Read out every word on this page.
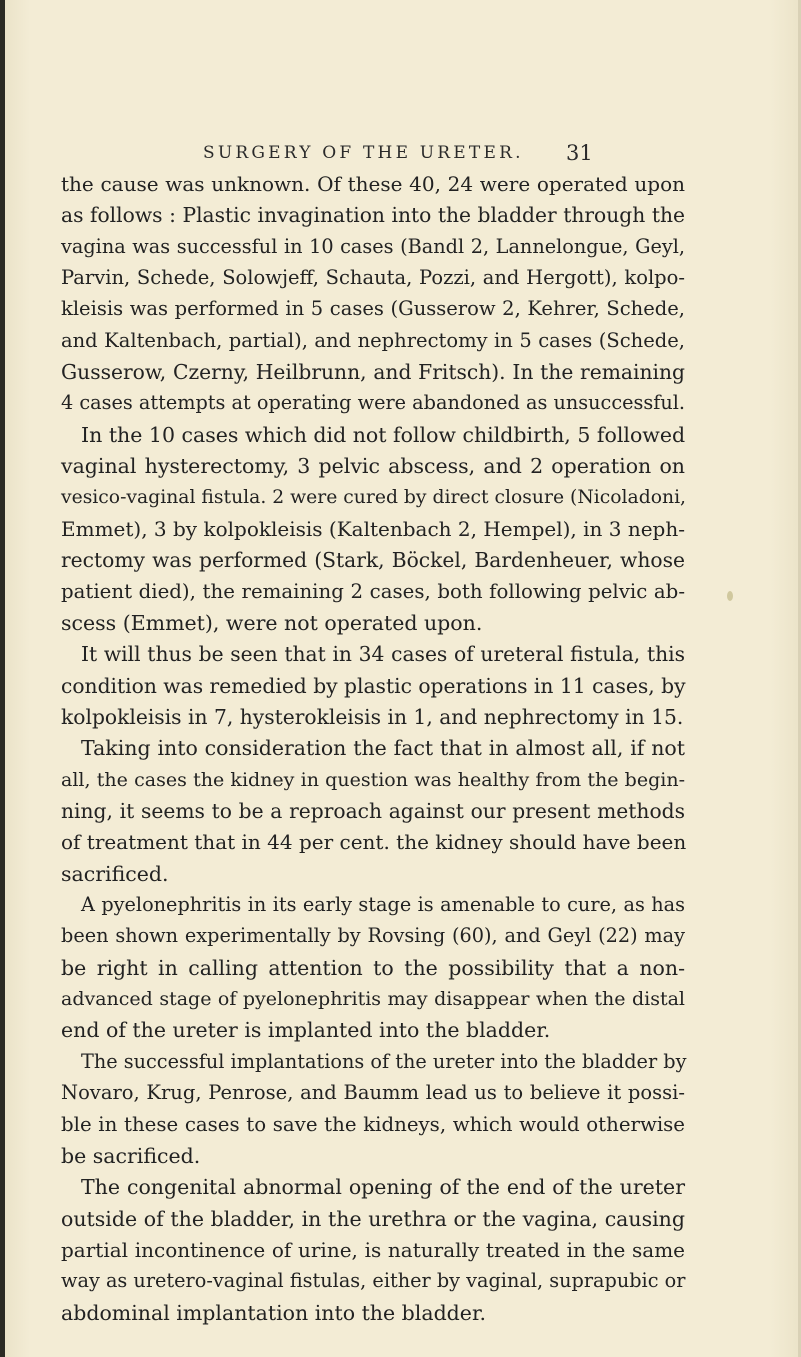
SURGERY OF THE URETER. 31
the cause was unknown. Of these 40, 24 were operated upon
as follows : Plastic invagination into the bladder through the
vagina was successful in 10 cases (Bandl 2, Lannelongue, Geyl,
Parvin, Schede, Solowjeff, Schauta, Pozzi, and Hergott), kolpo-
kleisis was performed in 5 cases (Gusserow 2, Kehrer, Schede,
and Kaltenbach, partial), and nephrectomy in 5 cases (Schede,
Gusserow, Czerny, Heilbrunn, and Fritsch). In the remaining
4 cases attempts at operating were abandoned as unsuccessful.
In the 10 cases which did not follow childbirth, 5 followed
vaginal hysterectomy, 3 pelvic abscess, and 2 operation on
vesico-vaginal fistula. 2 were cured by direct closure (Nicoladoni,
Emmet), 3 by kolpokleisis (Kaltenbach 2, Hempel), in 3 neph-
rectomy was performed (Stark, Böckel, Bardenheuer, whose
patient died), the remaining 2 cases, both following pelvic ab-
scess (Emmet), were not operated upon.
It will thus be seen that in 34 cases of ureteral fistula, this
condition was remedied by plastic operations in 11 cases, by
kolpokleisis in 7, hysterokleisis in 1, and nephrectomy in 15.
Taking into consideration the fact that in almost all, if not
all, the cases the kidney in question was healthy from the begin-
ning, it seems to be a reproach against our present methods
of treatment that in 44 per cent. the kidney should have been
sacrificed.
A pyelonephritis in its early stage is amenable to cure, as has
been shown experimentally by Rovsing (60), and Geyl (22) may
be right in calling attention to the possibility that a non-
advanced stage of pyelonephritis may disappear when the distal
end of the ureter is implanted into the bladder.
The successful implantations of the ureter into the bladder by
Novaro, Krug, Penrose, and Baumm lead us to believe it possi-
ble in these cases to save the kidneys, which would otherwise
be sacrificed.
The congenital abnormal opening of the end of the ureter
outside of the bladder, in the urethra or the vagina, causing
partial incontinence of urine, is naturally treated in the same
way as uretero-vaginal fistulas, either by vaginal, suprapubic or
abdominal implantation into the bladder.
